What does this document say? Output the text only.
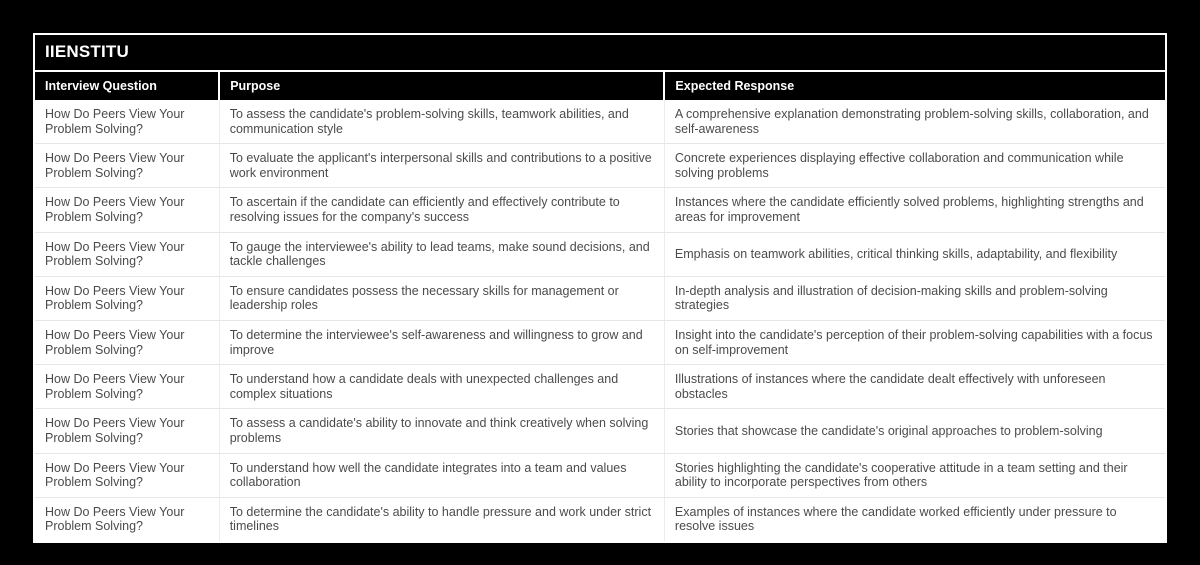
IIENSTITU
Interview Question	Purpose	Expected Response
How Do Peers View Your Problem Solving?	To assess the candidate's problem-solving skills, teamwork abilities, and communication style	A comprehensive explanation demonstrating problem-solving skills, collaboration, and self-awareness
How Do Peers View Your Problem Solving?	To evaluate the applicant's interpersonal skills and contributions to a positive work environment	Concrete experiences displaying effective collaboration and communication while solving problems
How Do Peers View Your Problem Solving?	To ascertain if the candidate can efficiently and effectively contribute to resolving issues for the company's success	Instances where the candidate efficiently solved problems, highlighting strengths and areas for improvement
How Do Peers View Your Problem Solving?	To gauge the interviewee's ability to lead teams, make sound decisions, and tackle challenges	Emphasis on teamwork abilities, critical thinking skills, adaptability, and flexibility
How Do Peers View Your Problem Solving?	To ensure candidates possess the necessary skills for management or leadership roles	In-depth analysis and illustration of decision-making skills and problem-solving strategies
How Do Peers View Your Problem Solving?	To determine the interviewee's self-awareness and willingness to grow and improve	Insight into the candidate's perception of their problem-solving capabilities with a focus on self-improvement
How Do Peers View Your Problem Solving?	To understand how a candidate deals with unexpected challenges and complex situations	Illustrations of instances where the candidate dealt effectively with unforeseen obstacles
How Do Peers View Your Problem Solving?	To assess a candidate's ability to innovate and think creatively when solving problems	Stories that showcase the candidate's original approaches to problem-solving
How Do Peers View Your Problem Solving?	To understand how well the candidate integrates into a team and values collaboration	Stories highlighting the candidate's cooperative attitude in a team setting and their ability to incorporate perspectives from others
How Do Peers View Your Problem Solving?	To determine the candidate's ability to handle pressure and work under strict timelines	Examples of instances where the candidate worked efficiently under pressure to resolve issues
